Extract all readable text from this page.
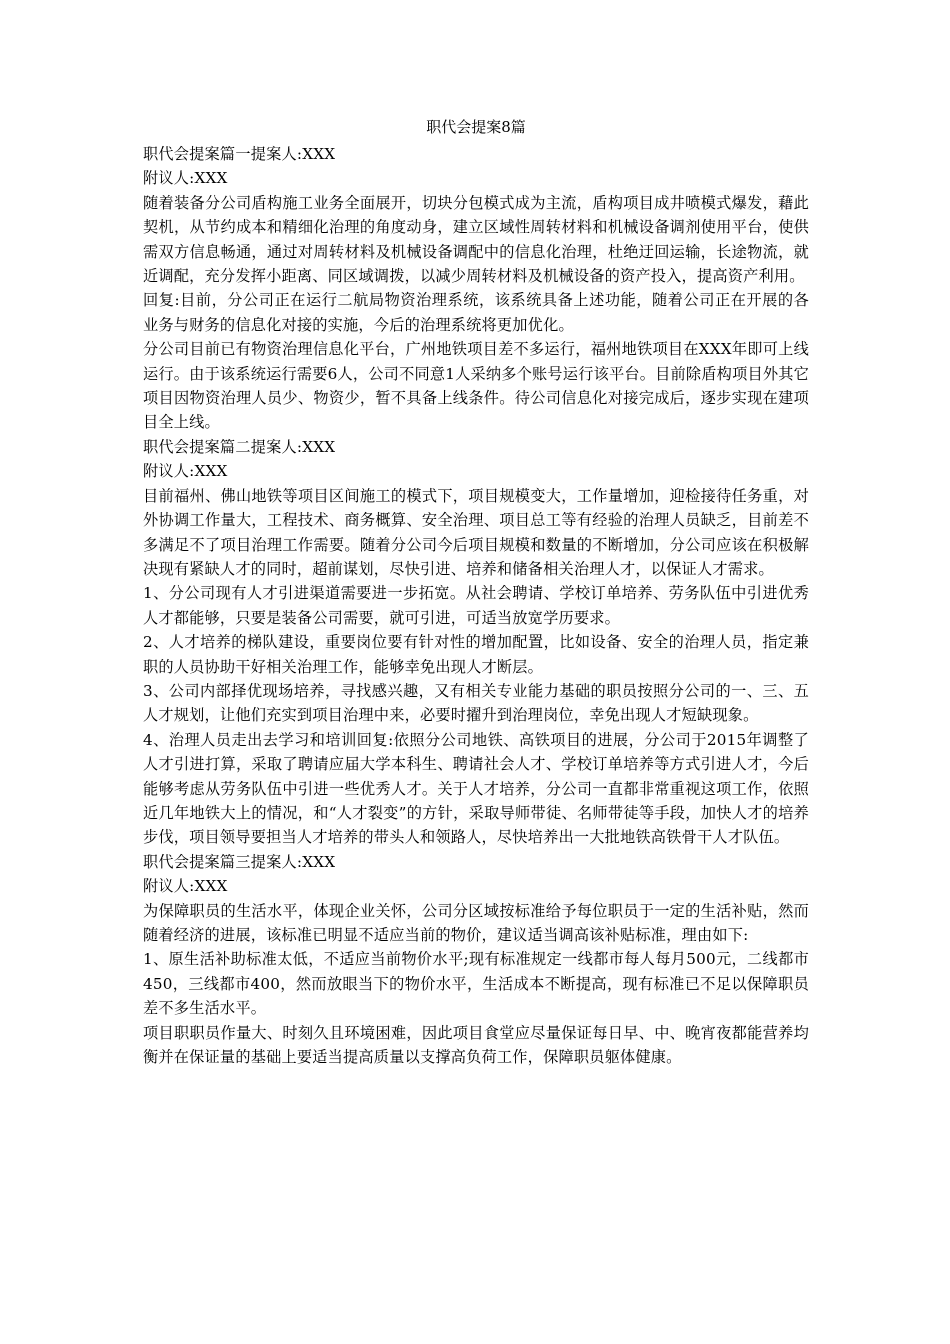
职代会提案8篇

职代会提案篇一提案人:XXX

附议人:XXX

随着装备分公司盾构施工业务全面展开，切块分包模式成为主流，盾构项目成井喷模式爆发，藉此契机，从节约成本和精细化治理的角度动身，建立区域性周转材料和机械设备调剂使用平台，使供需双方信息畅通，通过对周转材料及机械设备调配中的信息化治理，杜绝迂回运输，长途物流，就近调配，充分发挥小距离、同区域调拨，以减少周转材料及机械设备的资产投入，提高资产利用。

回复:目前，分公司正在运行二航局物资治理系统，该系统具备上述功能，随着公司正在开展的各业务与财务的信息化对接的实施，今后的治理系统将更加优化。

分公司目前已有物资治理信息化平台，广州地铁项目差不多运行，福州地铁项目在XXX年即可上线运行。由于该系统运行需要6人，公司不同意1人采纳多个账号运行该平台。目前除盾构项目外其它项目因物资治理人员少、物资少，暂不具备上线条件。待公司信息化对接完成后，逐步实现在建项目全上线。

职代会提案篇二提案人:XXX

附议人:XXX

目前福州、佛山地铁等项目区间施工的模式下，项目规模变大，工作量增加，迎检接待任务重，对外协调工作量大，工程技术、商务概算、安全治理、项目总工等有经验的治理人员缺乏，目前差不多满足不了项目治理工作需要。随着分公司今后项目规模和数量的不断增加，分公司应该在积极解决现有紧缺人才的同时，超前谋划，尽快引进、培养和储备相关治理人才，以保证人才需求。

1、分公司现有人才引进渠道需要进一步拓宽。从社会聘请、学校订单培养、劳务队伍中引进优秀人才都能够，只要是装备公司需要，就可引进，可适当放宽学历要求。

2、人才培养的梯队建设，重要岗位要有针对性的增加配置，比如设备、安全的治理人员，指定兼职的人员协助干好相关治理工作，能够幸免出现人才断层。

3、公司内部择优现场培养，寻找感兴趣，又有相关专业能力基础的职员按照分公司的一、三、五人才规划，让他们充实到项目治理中来，必要时擢升到治理岗位，幸免出现人才短缺现象。

4、治理人员走出去学习和培训回复:依照分公司地铁、高铁项目的进展，分公司于2015年调整了人才引进打算，采取了聘请应届大学本科生、聘请社会人才、学校订单培养等方式引进人才，今后能够考虑从劳务队伍中引进一些优秀人才。关于人才培养，分公司一直都非常重视这项工作，依照近几年地铁大上的情况，和“人才裂变”的方针，采取导师带徒、名师带徒等手段，加快人才的培养步伐，项目领导要担当人才培养的带头人和领路人，尽快培养出一大批地铁高铁骨干人才队伍。

职代会提案篇三提案人:XXX

附议人:XXX

为保障职员的生活水平，体现企业关怀，公司分区域按标准给予每位职员于一定的生活补贴，然而随着经济的进展，该标准已明显不适应当前的物价，建议适当调高该补贴标准，理由如下:

1、原生活补助标准太低，不适应当前物价水平;现有标准规定一线都市每人每月500元，二线都市450，三线都市400，然而放眼当下的物价水平，生活成本不断提高，现有标准已不足以保障职员差不多生活水平。

项目职职员作量大、时刻久且环境困难，因此项目食堂应尽量保证每日早、中、晚宵夜都能营养均衡并在保证量的基础上要适当提高质量以支撑高负荷工作，保障职员躯体健康。
